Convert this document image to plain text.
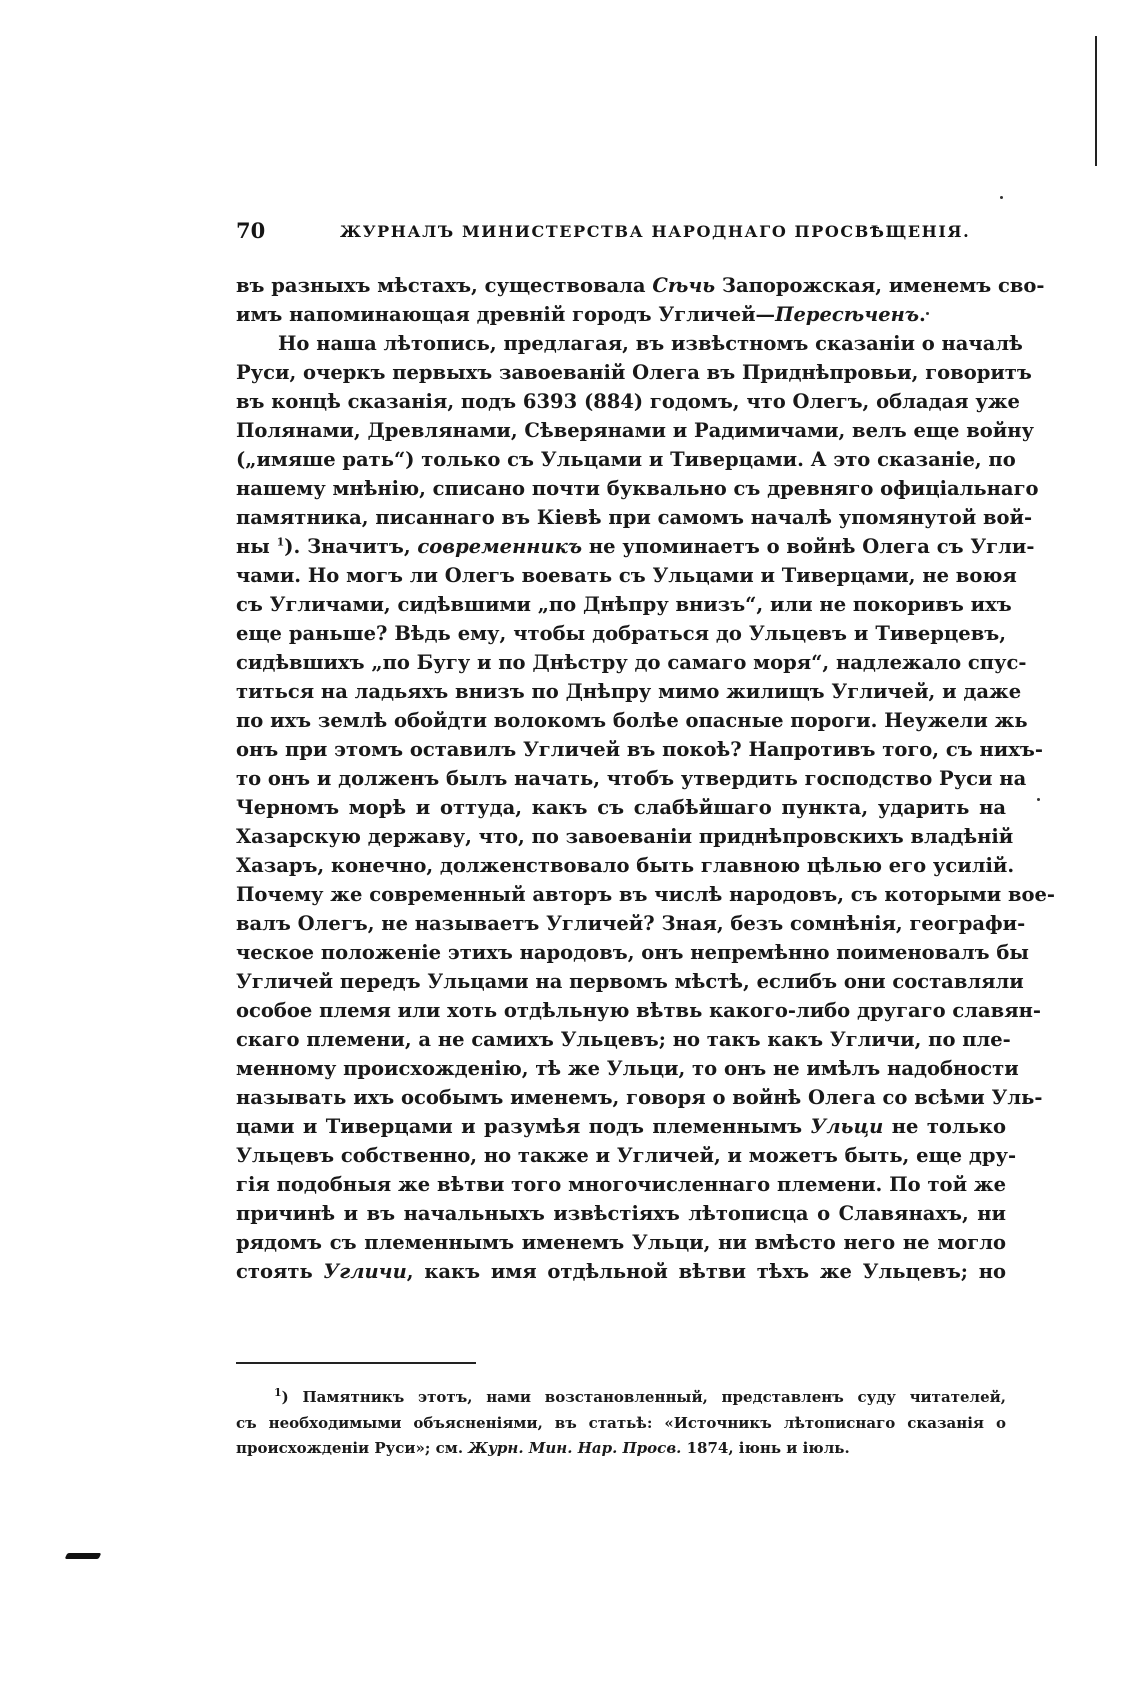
70	ЖУРНАЛЪ МИНИСТЕРСТВА НАРОДНАГО ПРОСВѢЩЕНІЯ.
въ разныхъ мѣстахъ, существовала Сѣчь Запорожская, именемъ сво-
имъ напоминающая древній городъ Угличей—Пересѣченъ.
Но наша лѣтопись, предлагая, въ извѣстномъ сказаніи о началѣ
Руси, очеркъ первыхъ завоеваній Олега въ Приднѣпровьи, говоритъ
въ концѣ сказанія, подъ 6393 (884) годомъ, что Олегъ, обладая уже
Полянами, Древлянами, Сѣверянами и Радимичами, велъ еще войну
(„имяше рать“) только съ Ульцами и Тиверцами. А это сказаніе, по
нашему мнѣнію, списано почти буквально съ древняго офиціальнаго
памятника, писаннаго въ Кіевѣ при самомъ началѣ упомянутой вой-
ны $^1$). Значитъ, современникъ не упоминаетъ о войнѣ Олега съ Угли-
чами. Но могъ ли Олегъ воевать съ Ульцами и Тиверцами, не воюя
съ Угличами, сидѣвшими „по Днѣпру внизъ“, или не покоривъ ихъ
еще раньше? Вѣдь ему, чтобы добраться до Ульцевъ и Тиверцевъ,
сидѣвшихъ „по Бугу и по Днѣстру до самаго моря“, надлежало спус-
титься на ладьяхъ внизъ по Днѣпру мимо жилищъ Угличей, и даже
по ихъ землѣ обойдти волокомъ болѣе опасные пороги. Неужели жь
онъ при этомъ оставилъ Угличей въ покоѣ? Напротивъ того, съ нихъ-
то онъ и долженъ былъ начать, чтобъ утвердить господство Руси на
Черномъ морѣ и оттуда, какъ съ слабѣйшаго пункта, ударить на
Хазарскую державу, что, по завоеваніи приднѣпровскихъ владѣній
Хазаръ, конечно, долженствовало быть главною цѣлью его усилій.
Почему же современный авторъ въ числѣ народовъ, съ которыми вое-
валъ Олегъ, не называетъ Угличей? Зная, безъ сомнѣнія, географи-
ческое положеніе этихъ народовъ, онъ непремѣнно поименовалъ бы
Угличей передъ Ульцами на первомъ мѣстѣ, еслибъ они составляли
особое племя или хоть отдѣльную вѣтвь какого-либо другаго славян-
скаго племени, а не самихъ Ульцевъ; но такъ какъ Угличи, по пле-
менному происхожденію, тѣ же Ульци, то онъ не имѣлъ надобности
называть ихъ особымъ именемъ, говоря о войнѣ Олега со всѣми Уль-
цами и Тиверцами и разумѣя подъ племеннымъ Ульци не только
Ульцевъ собственно, но также и Угличей, и можетъ быть, еще дру-
гія подобныя же вѣтви того многочисленнаго племени. По той же
причинѣ и въ начальныхъ извѣстіяхъ лѣтописца о Славянахъ, ни
рядомъ съ племеннымъ именемъ Ульци, ни вмѣсто него не могло
стоять Угличи, какъ имя отдѣльной вѣтви тѣхъ же Ульцевъ; но
$^1$) Памятникъ этотъ, нами возстановленный, представленъ суду читателей,
съ необходимыми объясненіями, въ статьѣ: «Источникъ лѣтописнаго сказанія о
происхожденіи Руси»; см. Журн. Мин. Нар. Просв. 1874, іюнь и іюль.
